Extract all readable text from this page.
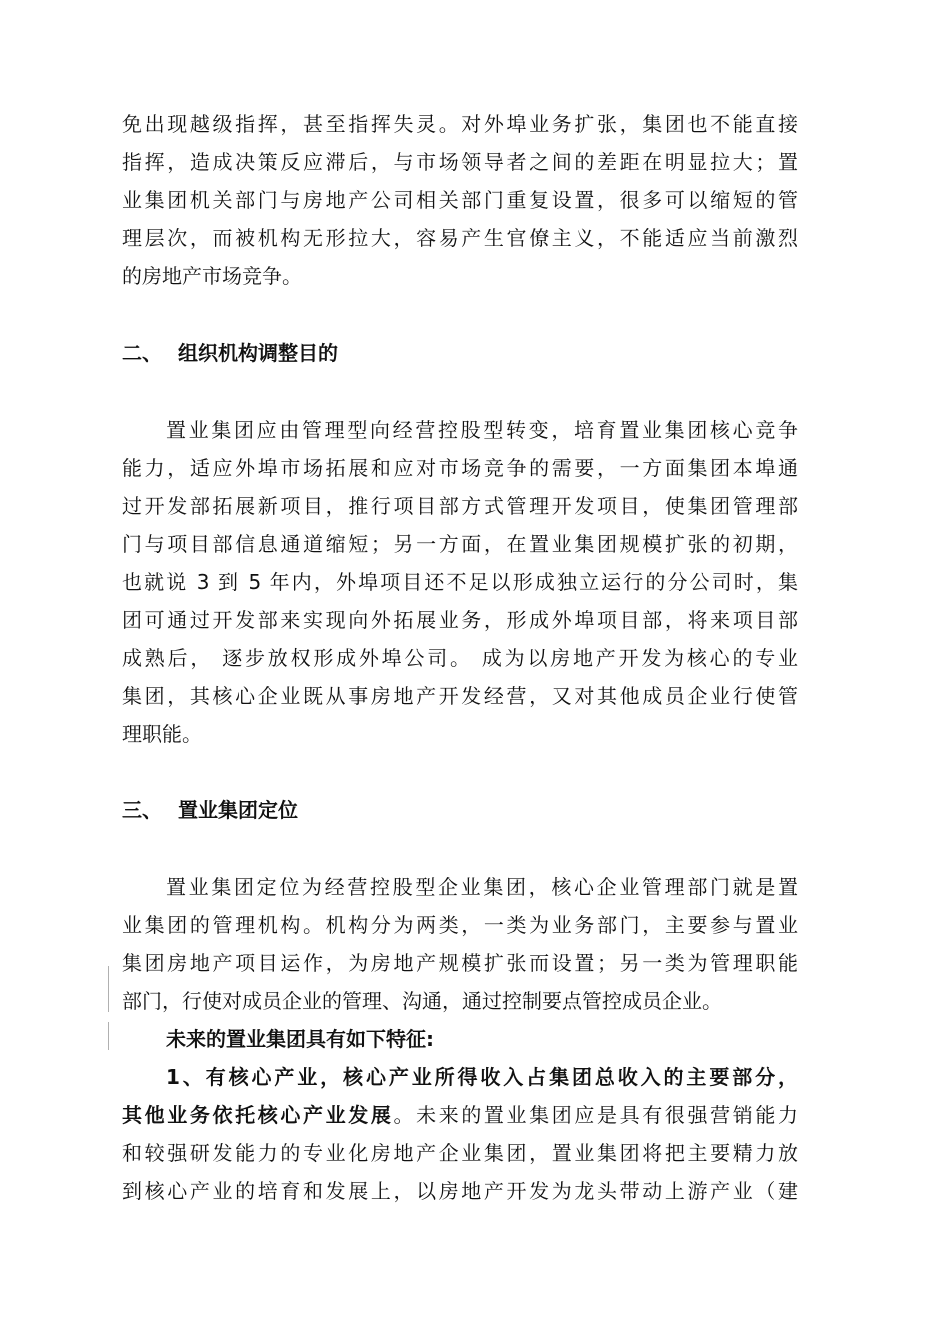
免出现越级指挥，甚至指挥失灵。对外埠业务扩张，集团也不能直接
指挥，造成决策反应滞后，与市场领导者之间的差距在明显拉大；置
业集团机关部门与房地产公司相关部门重复设置，很多可以缩短的管
理层次，而被机构无形拉大，容易产生官僚主义，不能适应当前激烈
的房地产市场竞争。
二、 组织机构调整目的
置业集团应由管理型向经营控股型转变，培育置业集团核心竞争
能力，适应外埠市场拓展和应对市场竞争的需要，一方面集团本埠通
过开发部拓展新项目，推行项目部方式管理开发项目，使集团管理部
门与项目部信息通道缩短；另一方面，在置业集团规模扩张的初期，
也就说 3 到 5 年内，外埠项目还不足以形成独立运行的分公司时，集
团可通过开发部来实现向外拓展业务，形成外埠项目部，将来项目部
成熟后， 逐步放权形成外埠公司。 成为以房地产开发为核心的专业
集团，其核心企业既从事房地产开发经营，又对其他成员企业行使管
理职能。
三、 置业集团定位
置业集团定位为经营控股型企业集团，核心企业管理部门就是置
业集团的管理机构。机构分为两类，一类为业务部门，主要参与置业
集团房地产项目运作，为房地产规模扩张而设置；另一类为管理职能
部门，行使对成员企业的管理、沟通，通过控制要点管控成员企业。
未来的置业集团具有如下特征:
1、有核心产业，核心产业所得收入占集团总收入的主要部分，
其他业务依托核心产业发展。未来的置业集团应是具有很强营销能力
和较强研发能力的专业化房地产企业集团，置业集团将把主要精力放
到核心产业的培育和发展上，以房地产开发为龙头带动上游产业（建
